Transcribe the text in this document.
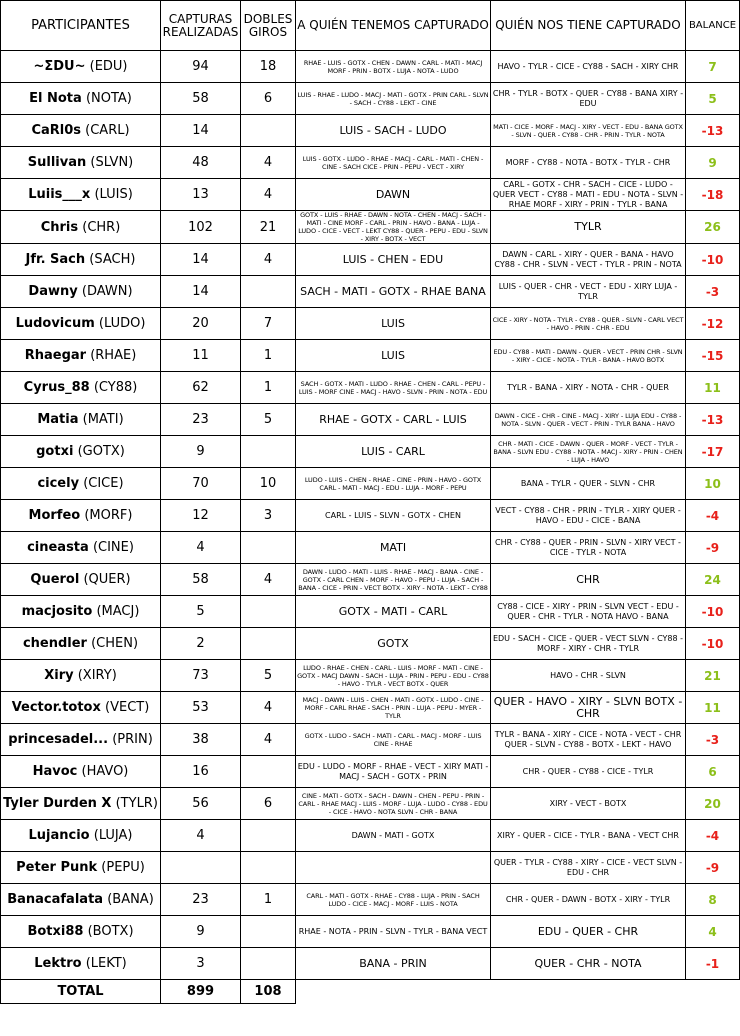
PARTICIPANTES	CAPTURAS REALIZADAS	DOBLES GIROS	A QUIÉN TENEMOS CAPTURADO	QUIÉN NOS TIENE CAPTURADO	BALANCE
~ΣDU~ (EDU)	94	18	RHAE - LUIS - GOTX - CHEN - DAWN - CARL - MATI - MACJ MORF - PRIN - BOTX - LUJA - NOTA - LUDO	HAVO - TYLR - CICE - CY88 - SACH - XIRY CHR	7
El Nota (NOTA)	58	6	LUIS - RHAE - LUDO - MACJ - MATI - GOTX - PRIN CARL - SLVN - SACH - CY88 - LEKT - CINE	CHR - TYLR - BOTX - QUER - CY88 - BANA XIRY - EDU	5
CaRl0s (CARL)	14		LUIS - SACH - LUDO	MATI - CICE - MORF - MACJ - XIRY - VECT - EDU - BANA GOTX - SLVN - QUER - CY88 - CHR - PRIN - TYLR - NOTA	-13
Sullivan (SLVN)	48	4	LUIS - GOTX - LUDO - RHAE - MACJ - CARL - MATI - CHEN - CINE - SACH CICE - PRIN - PEPU - VECT - XIRY	MORF - CY88 - NOTA - BOTX - TYLR - CHR	9
Luiis___x (LUIS)	13	4	DAWN	CARL - GOTX - CHR - SACH - CICE - LUDO - QUER VECT - CY88 - MATI - EDU - NOTA - SLVN - RHAE MORF - XIRY - PRIN - TYLR - BANA	-18
Chris (CHR)	102	21	GOTX - LUIS - RHAE - DAWN - NOTA - CHEN - MACJ - SACH - MATI - CINE MORF - CARL - PRIN - HAVO - BANA - LUJA - LUDO - CICE - VECT - LEKT CY88 - QUER - PEPU - EDU - SLVN - XIRY - BOTX - VECT	TYLR	26
Jfr. Sach (SACH)	14	4	LUIS - CHEN - EDU	DAWN - CARL - XIRY - QUER - BANA - HAVO CY88 - CHR - SLVN - VECT - TYLR - PRIN - NOTA	-10
Dawny (DAWN)	14		SACH - MATI - GOTX - RHAE BANA	LUIS - QUER - CHR - VECT - EDU - XIRY LUJA - TYLR	-3
Ludovicum (LUDO)	20	7	LUIS	CICE - XIRY - NOTA - TYLR - CY88 - QUER - SLVN - CARL VECT - HAVO - PRIN - CHR - EDU	-12
Rhaegar (RHAE)	11	1	LUIS	EDU - CY88 - MATI - DAWN - QUER - VECT - PRIN CHR - SLVN - XIRY - CICE - NOTA - TYLR - BANA - HAVO BOTX	-15
Cyrus_88 (CY88)	62	1	SACH - GOTX - MATI - LUDO - RHAE - CHEN - CARL - PEPU - LUIS - MORF CINE - MACJ - HAVO - SLVN - PRIN - NOTA - EDU	TYLR - BANA - XIRY - NOTA - CHR - QUER	11
Matia (MATI)	23	5	RHAE - GOTX - CARL - LUIS	DAWN - CICE - CHR - CINE - MACJ - XIRY - LUJA EDU - CY88 - NOTA - SLVN - QUER - VECT - PRIN - TYLR BANA - HAVO	-13
gotxi (GOTX)	9		LUIS - CARL	CHR - MATI - CICE - DAWN - QUER - MORF - VECT - TYLR - BANA - SLVN EDU - CY88 - NOTA - MACJ - XIRY - PRIN - CHEN - LUJA - HAVO	-17
cicely (CICE)	70	10	LUDO - LUIS - CHEN - RHAE - CINE - PRIN - HAVO - GOTX CARL - MATI - MACJ - EDU - LUJA - MORF - PEPU	BANA - TYLR - QUER - SLVN - CHR	10
Morfeo (MORF)	12	3	CARL - LUIS - SLVN - GOTX - CHEN	VECT - CY88 - CHR - PRIN - TYLR - XIRY QUER - HAVO - EDU - CICE - BANA	-4
cineasta (CINE)	4		MATI	CHR - CY88 - QUER - PRIN - SLVN - XIRY VECT - CICE - TYLR - NOTA	-9
Querol (QUER)	58	4	DAWN - LUDO - MATI - LUIS - RHAE - MACJ - BANA - CINE - GOTX - CARL CHEN - MORF - HAVO - PEPU - LUJA - SACH - BANA - CICE - PRIN - VECT BOTX - XIRY - NOTA - LEKT - CY88	CHR	24
macjosito (MACJ)	5		GOTX - MATI - CARL	CY88 - CICE - XIRY - PRIN - SLVN VECT - EDU - QUER - CHR - TYLR - NOTA HAVO - BANA	-10
chendler (CHEN)	2		GOTX	EDU - SACH - CICE - QUER - VECT SLVN - CY88 - MORF - XIRY - CHR - TYLR	-10
Xiry (XIRY)	73	5	LUDO - RHAE - CHEN - CARL - LUIS - MORF - MATI - CINE - GOTX - MACJ DAWN - SACH - LUJA - PRIN - PEPU - EDU - CY88 - HAVO - TYLR - VECT BOTX - QUER	HAVO - CHR - SLVN	21
Vector.totox (VECT)	53	4	MACJ - DAWN - LUIS - CHEN - MATI - GOTX - LUDO - CINE - MORF - CARL RHAE - SACH - PRIN - LUJA - PEPU - MYER - TYLR	QUER - HAVO - XIRY - SLVN BOTX - CHR	11
princesadel... (PRIN)	38	4	GOTX - LUDO - SACH - MATI - CARL - MACJ - MORF - LUIS CINE - RHAE	TYLR - BANA - XIRY - CICE - NOTA - VECT - CHR QUER - SLVN - CY88 - BOTX - LEKT - HAVO	-3
Havoc (HAVO)	16		EDU - LUDO - MORF - RHAE - VECT - XIRY MATI - MACJ - SACH - GOTX - PRIN	CHR - QUER - CY88 - CICE - TYLR	6
Tyler Durden X (TYLR)	56	6	CINE - MATI - GOTX - SACH - DAWN - CHEN - PEPU - PRIN - CARL - RHAE MACJ - LUIS - MORF - LUJA - LUDO - CY88 - EDU - CICE - HAVO - NOTA SLVN - CHR - BANA	XIRY - VECT - BOTX	20
Lujancio (LUJA)	4		DAWN - MATI - GOTX	XIRY - QUER - CICE - TYLR - BANA - VECT CHR	-4
Peter Punk (PEPU)				QUER - TYLR - CY88 - XIRY - CICE - VECT SLVN - EDU - CHR	-9
Banacafalata (BANA)	23	1	CARL - MATI - GOTX - RHAE - CY88 - LUJA - PRIN - SACH LUDO - CICE - MACJ - MORF - LUIS - NOTA	CHR - QUER - DAWN - BOTX - XIRY - TYLR	8
Botxi88 (BOTX)	9		RHAE - NOTA - PRIN - SLVN - TYLR - BANA VECT	EDU - QUER - CHR	4
Lektro (LEKT)	3		BANA - PRIN	QUER - CHR - NOTA	-1
TOTAL	899	108			
